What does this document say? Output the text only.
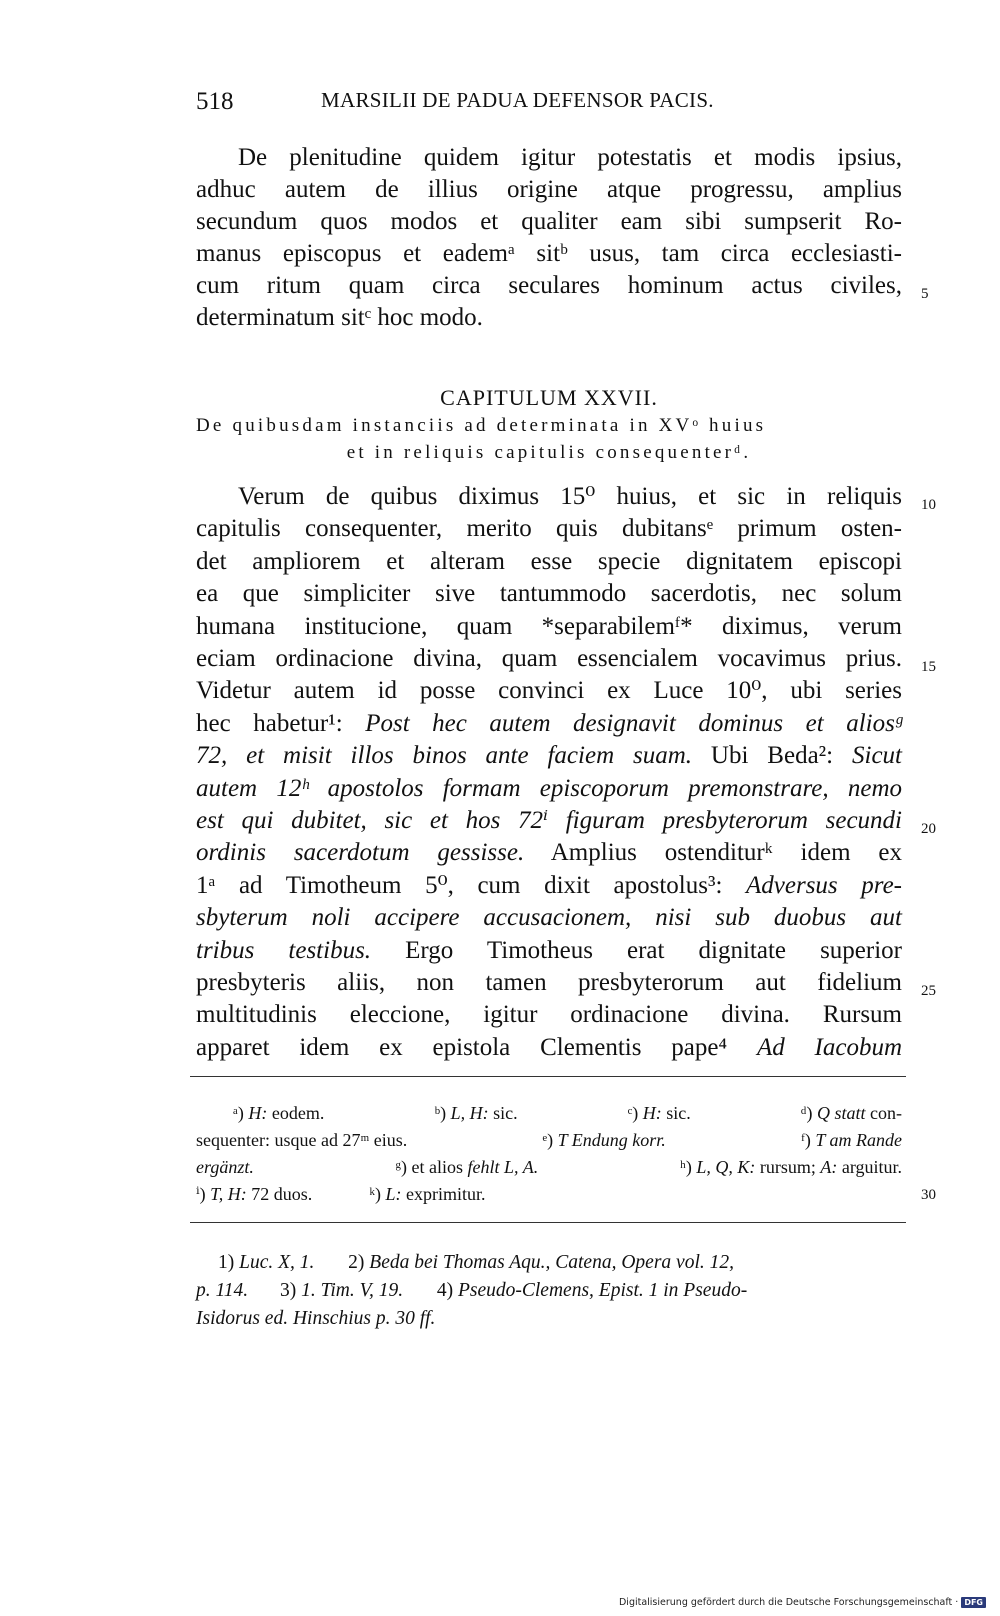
518	MARSILII DE PADUA DEFENSOR PACIS.
De plenitudine quidem igitur potestatis et modis ipsius,
adhuc autem de illius origine atque progressu, amplius
secundum quos modos et qualiter eam sibi sumpserit Ro-
manus episcopus et eademᵃ sitᵇ usus, tam circa ecclesiasti-
cum ritum quam circa seculares hominum actus civiles,
determinatum sitᶜ hoc modo.
CAPITULUM XXVII.
De quibusdam instanciis ad determinata in XVᵒ huius
et in reliquis capitulis consequenterᵈ.
Verum de quibus diximus 15⁰ huius, et sic in reliquis
capitulis consequenter, merito quis dubitansᵉ primum osten-
det ampliorem et alteram esse specie dignitatem episcopi
ea que simpliciter sive tantummodo sacerdotis, nec solum
humana institucione, quam *separabilemᶠ* diximus, verum
eciam ordinacione divina, quam essencialem vocavimus prius.
Videtur autem id posse convinci ex Luce 10⁰, ubi series
hec habetur¹: Post hec autem designavit dominus et aliosᵍ
72, et misit illos binos ante faciem suam. Ubi Beda²: Sicut
autem 12ʰ apostolos formam episcoporum premonstrare, nemo
est qui dubitet, sic et hos 72ⁱ figuram presbyterorum secundi
ordinis sacerdotum gessisse. Amplius ostenditurᵏ idem ex
1ᵃ ad Timotheum 5⁰, cum dixit apostolus³: Adversus pre-
sbyterum noli accipere accusacionem, nisi sub duobus aut
tribus testibus. Ergo Timotheus erat dignitate superior
presbyteris aliis, non tamen presbyterorum aut fidelium
multitudinis eleccione, igitur ordinacione divina. Rursum
apparet idem ex epistola Clementis pape⁴ Ad Iacobum
5
10
15
20
25
30
ᵃ) H: eodem.	ᵇ) L, H: sic.	ᶜ) H: sic.	ᵈ) Q statt con-
sequenter: usque ad 27ᵐ eius.	ᵉ) T Endung korr.	ᶠ) T am Rande
ergänzt.	ᵍ) et alios fehlt L, A.	ʰ) L, Q, K: rursum; A: arguitur.
ⁱ) T, H: 72 duos.	ᵏ) L: exprimitur.
1) Luc. X, 1. 2) Beda bei Thomas Aqu., Catena, Opera vol. 12,
p. 114. 3) 1. Tim. V, 19. 4) Pseudo-Clemens, Epist. 1 in Pseudo-
Isidorus ed. Hinschius p. 30 ff.
Digitalisierung gefördert durch die Deutsche Forschungsgemeinschaft · DFG
